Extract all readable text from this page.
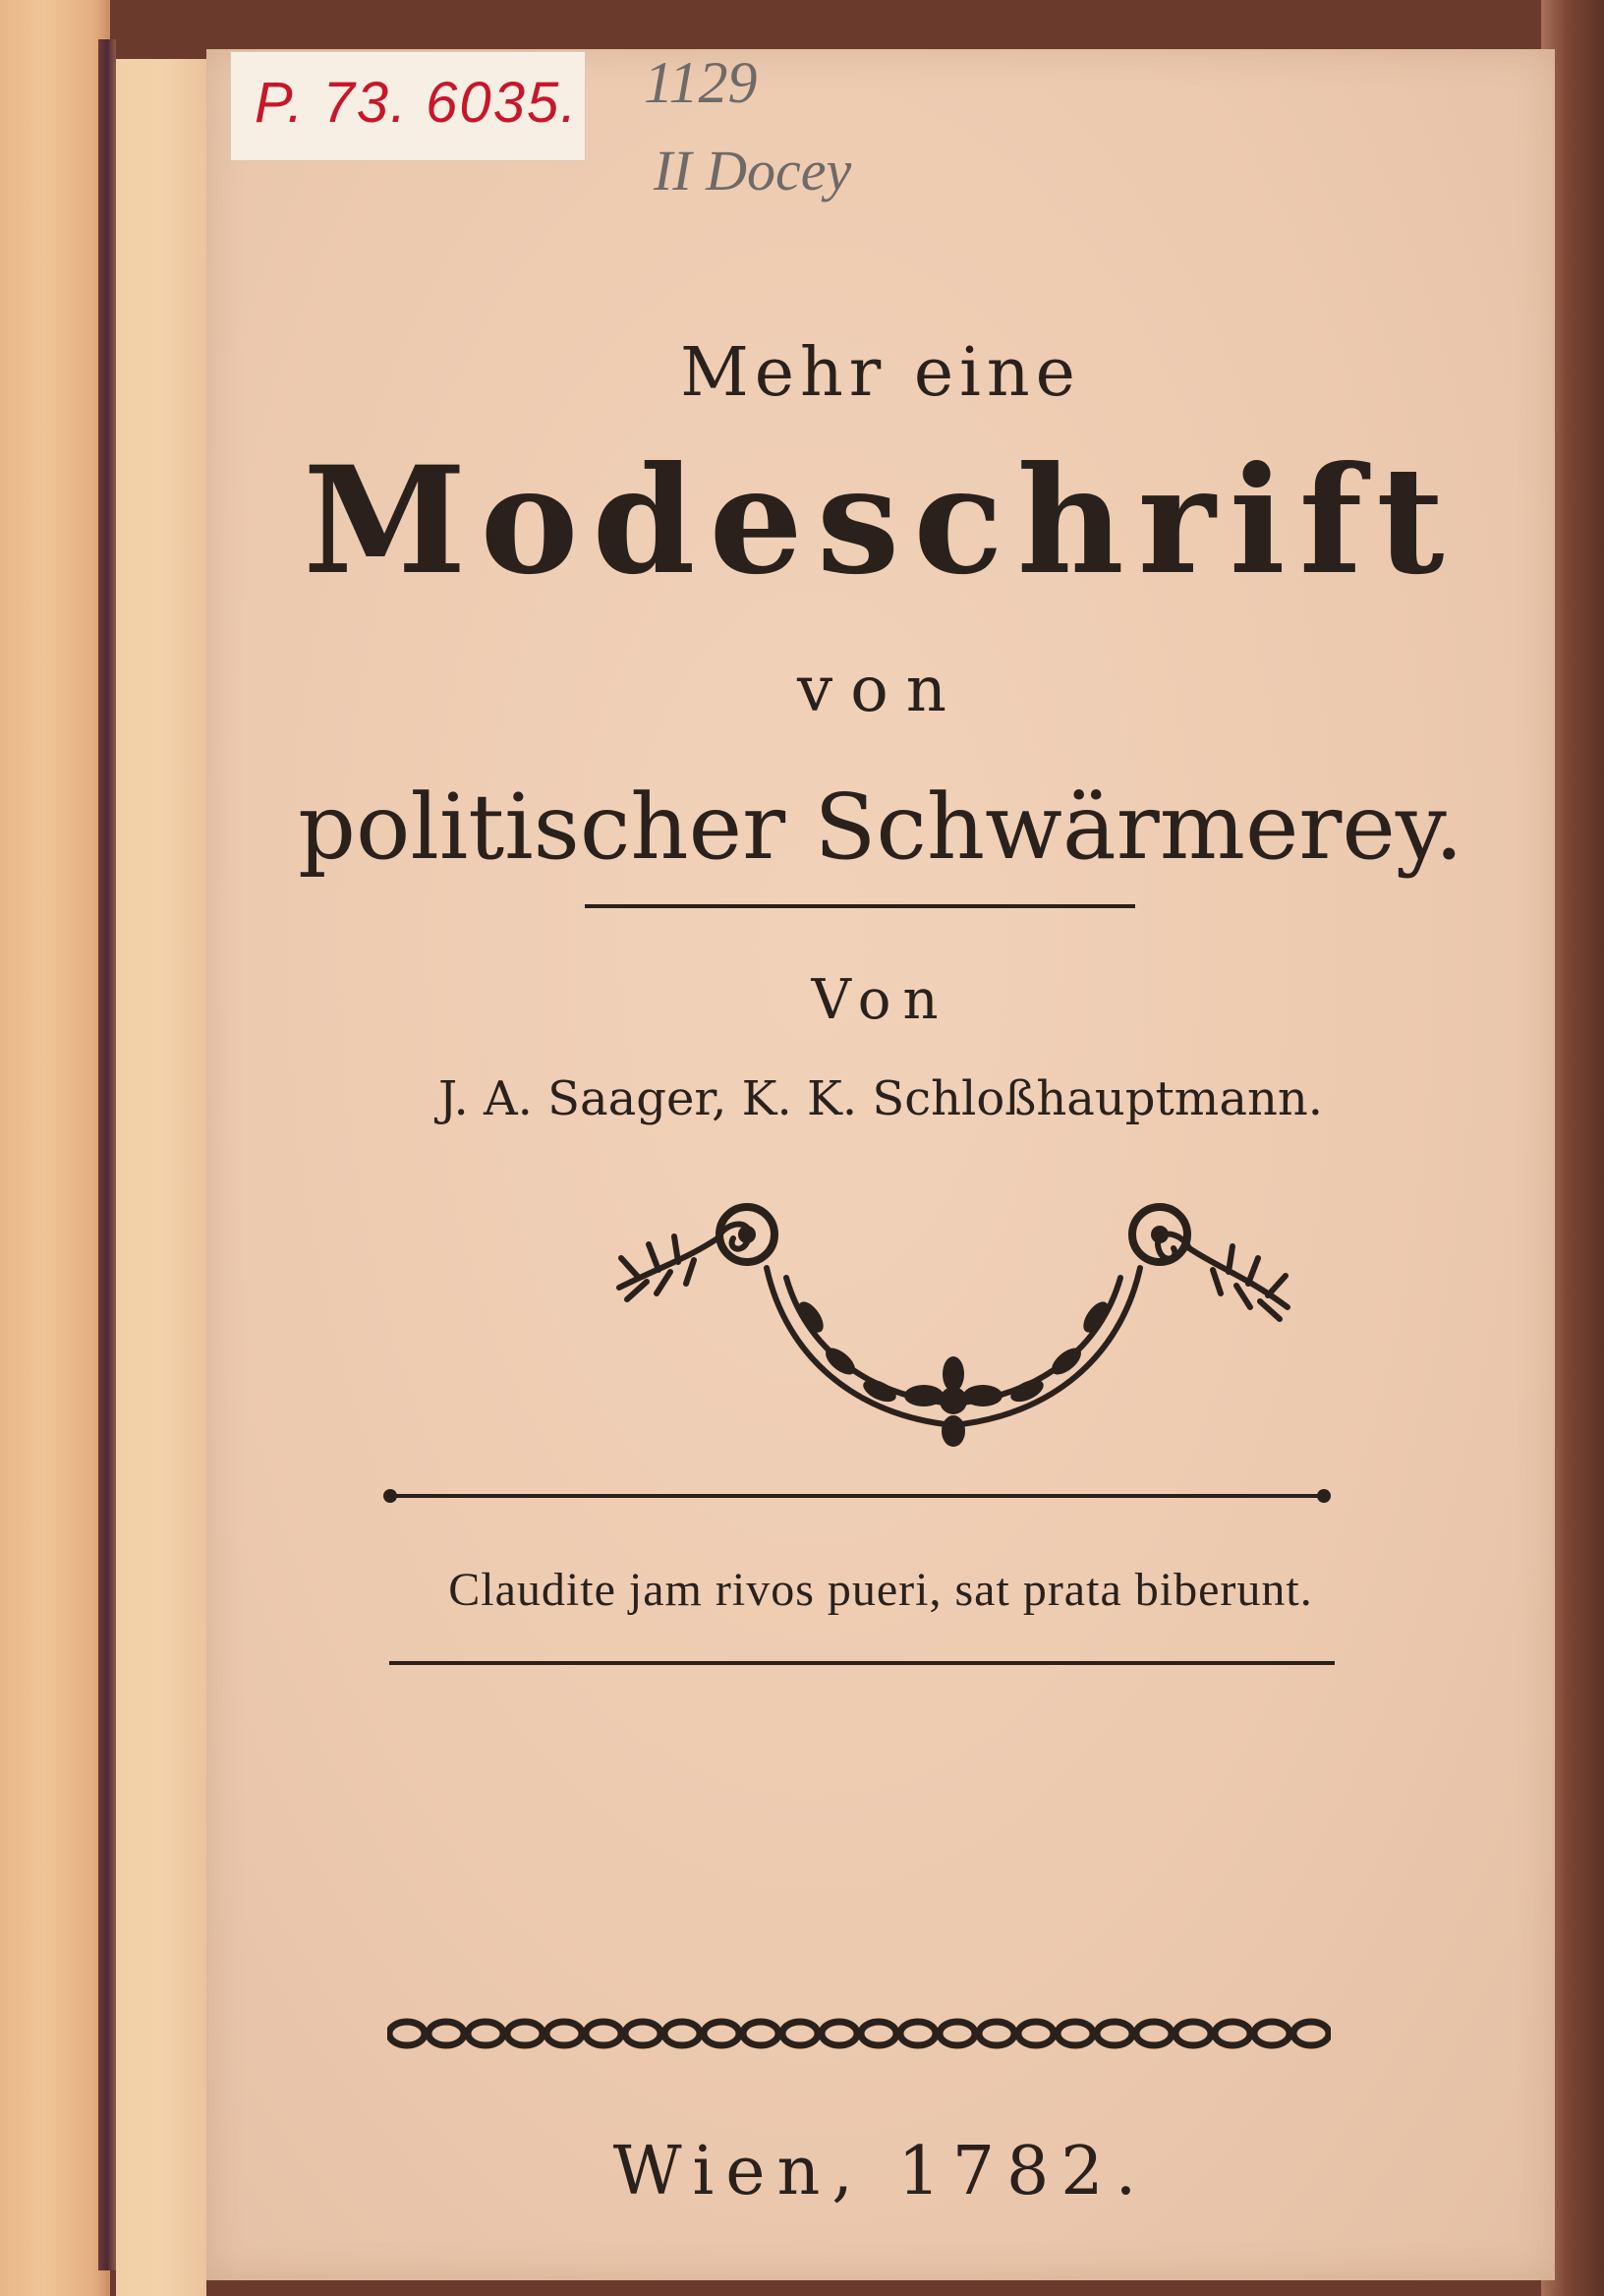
P. 73. 6035. 1129
II Docey
Mehr eine
Modeschrift
von
politischer Schwärmerey.
Von
J. A. Saager, K. K. Schloßhauptmann.
Claudite jam rivos pueri, sat prata biberunt.
Wien, 1782.
